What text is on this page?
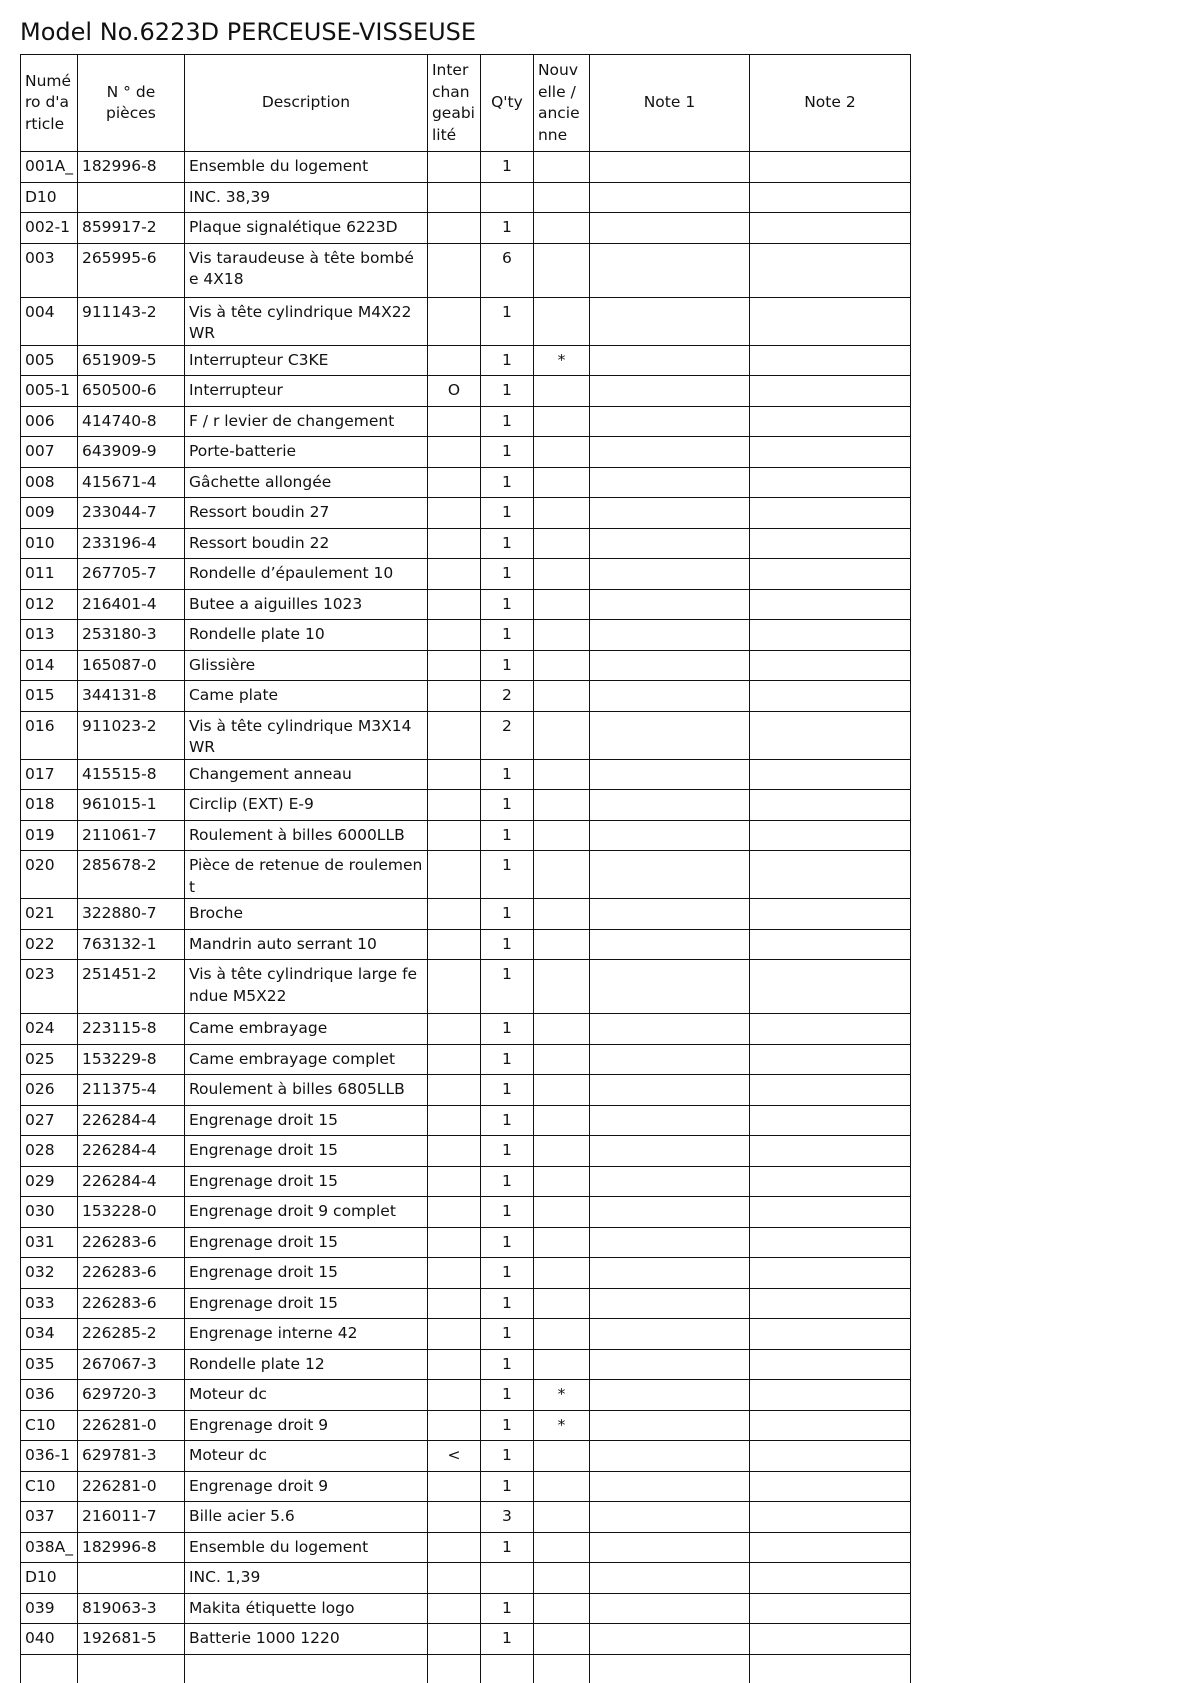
Model No.6223D PERCEUSE-VISSEUSE
Numéro d'article	N ° de pièces	Description	Interchangeabilité	Q'ty	Nouvelle / ancienne	Note 1	Note 2
001A_	182996-8	Ensemble du logement		1			
D10		INC. 38,39					
002-1	859917-2	Plaque signalétique 6223D		1			
003	265995-6	Vis taraudeuse à tête bombée 4X18		6			
004	911143-2	Vis à tête cylindrique M4X22 WR		1			
005	651909-5	Interrupteur C3KE		1	*		
005-1	650500-6	Interrupteur	O	1			
006	414740-8	F / r levier de changement		1			
007	643909-9	Porte-batterie		1			
008	415671-4	Gâchette allongée		1			
009	233044-7	Ressort boudin 27		1			
010	233196-4	Ressort boudin 22		1			
011	267705-7	Rondelle d’épaulement 10		1			
012	216401-4	Butee a aiguilles 1023		1			
013	253180-3	Rondelle plate 10		1			
014	165087-0	Glissière		1			
015	344131-8	Came plate		2			
016	911023-2	Vis à tête cylindrique M3X14 WR		2			
017	415515-8	Changement anneau		1			
018	961015-1	Circlip (EXT) E-9		1			
019	211061-7	Roulement à billes 6000LLB		1			
020	285678-2	Pièce de retenue de roulement		1			
021	322880-7	Broche		1			
022	763132-1	Mandrin auto serrant 10		1			
023	251451-2	Vis à tête cylindrique large fendue M5X22		1			
024	223115-8	Came embrayage		1			
025	153229-8	Came embrayage complet		1			
026	211375-4	Roulement à billes 6805LLB		1			
027	226284-4	Engrenage droit 15		1			
028	226284-4	Engrenage droit 15		1			
029	226284-4	Engrenage droit 15		1			
030	153228-0	Engrenage droit 9 complet		1			
031	226283-6	Engrenage droit 15		1			
032	226283-6	Engrenage droit 15		1			
033	226283-6	Engrenage droit 15		1			
034	226285-2	Engrenage interne 42		1			
035	267067-3	Rondelle plate 12		1			
036	629720-3	Moteur dc		1	*		
C10	226281-0	Engrenage droit 9		1	*		
036-1	629781-3	Moteur dc	<	1			
C10	226281-0	Engrenage droit 9		1			
037	216011-7	Bille acier 5.6		3			
038A_	182996-8	Ensemble du logement		1			
D10		INC. 1,39					
039	819063-3	Makita étiquette logo		1			
040	192681-5	Batterie 1000 1220		1			
